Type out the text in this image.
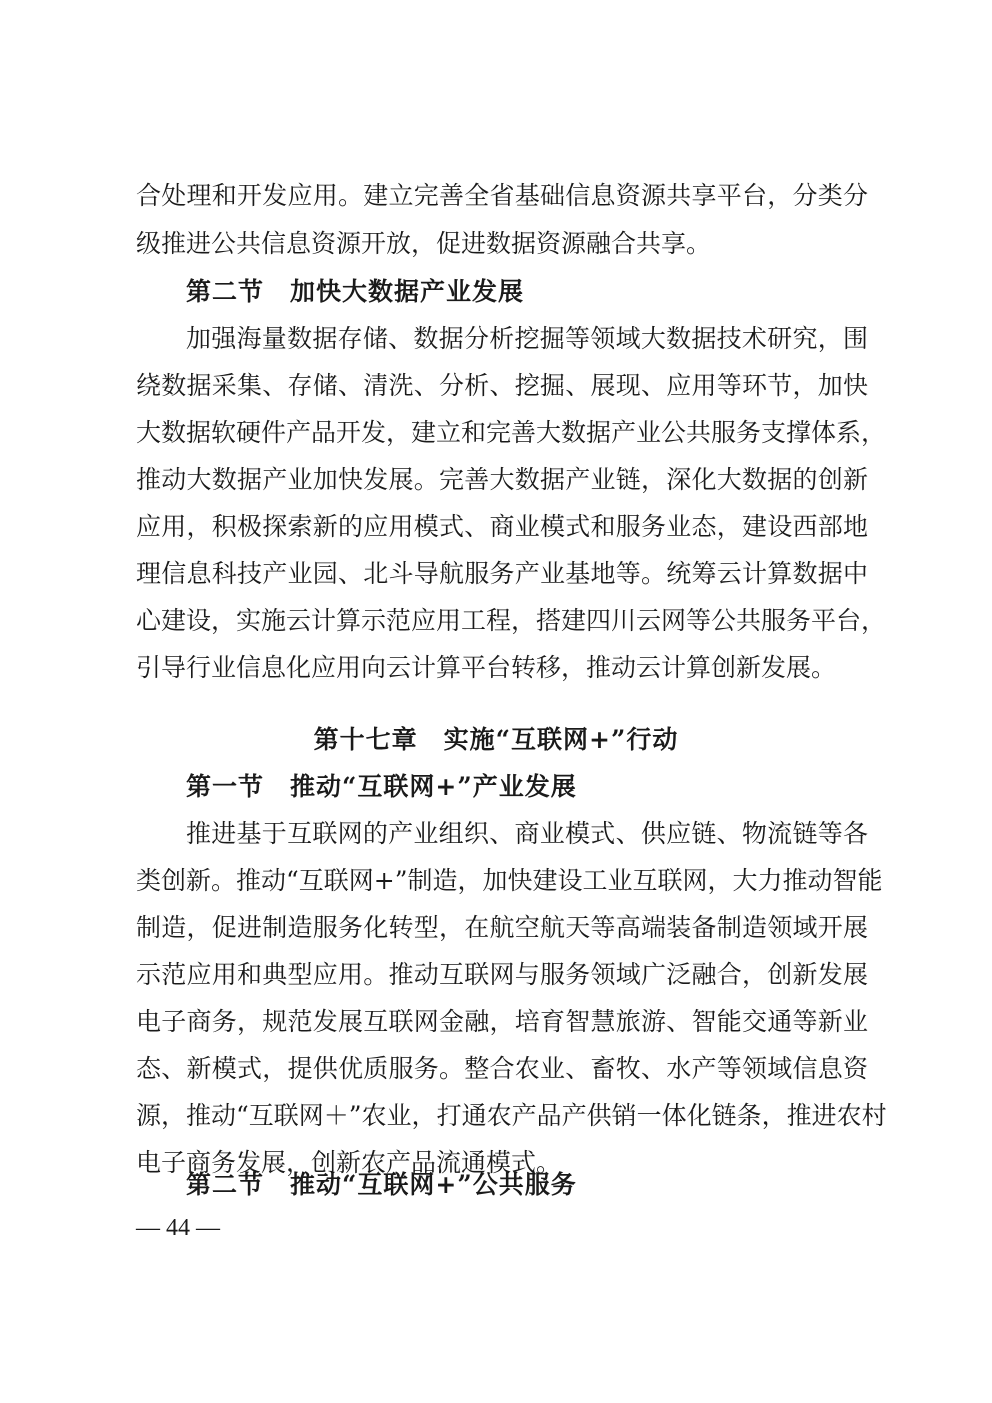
合处理和开发应用。建立完善全省基础信息资源共享平台，分类分
级推进公共信息资源开放，促进数据资源融合共享。
第二节　加快大数据产业发展
加强海量数据存储、数据分析挖掘等领域大数据技术研究，围
绕数据采集、存储、清洗、分析、挖掘、展现、应用等环节，加快
大数据软硬件产品开发，建立和完善大数据产业公共服务支撑体系，
推动大数据产业加快发展。完善大数据产业链，深化大数据的创新
应用，积极探索新的应用模式、商业模式和服务业态，建设西部地
理信息科技产业园、北斗导航服务产业基地等。统筹云计算数据中
心建设，实施云计算示范应用工程，搭建四川云网等公共服务平台，
引导行业信息化应用向云计算平台转移，推动云计算创新发展。
第十七章　实施“互联网+”行动
第一节　推动“互联网+”产业发展
推进基于互联网的产业组织、商业模式、供应链、物流链等各
类创新。推动“互联网+”制造，加快建设工业互联网，大力推动智能
制造，促进制造服务化转型，在航空航天等高端装备制造领域开展
示范应用和典型应用。推动互联网与服务领域广泛融合，创新发展
电子商务，规范发展互联网金融，培育智慧旅游、智能交通等新业
态、新模式，提供优质服务。整合农业、畜牧、水产等领域信息资
源，推动“互联网＋”农业，打通农产品产供销一体化链条，推进农村
电子商务发展，创新农产品流通模式。
第二节　推动“互联网+”公共服务
— 44 —
